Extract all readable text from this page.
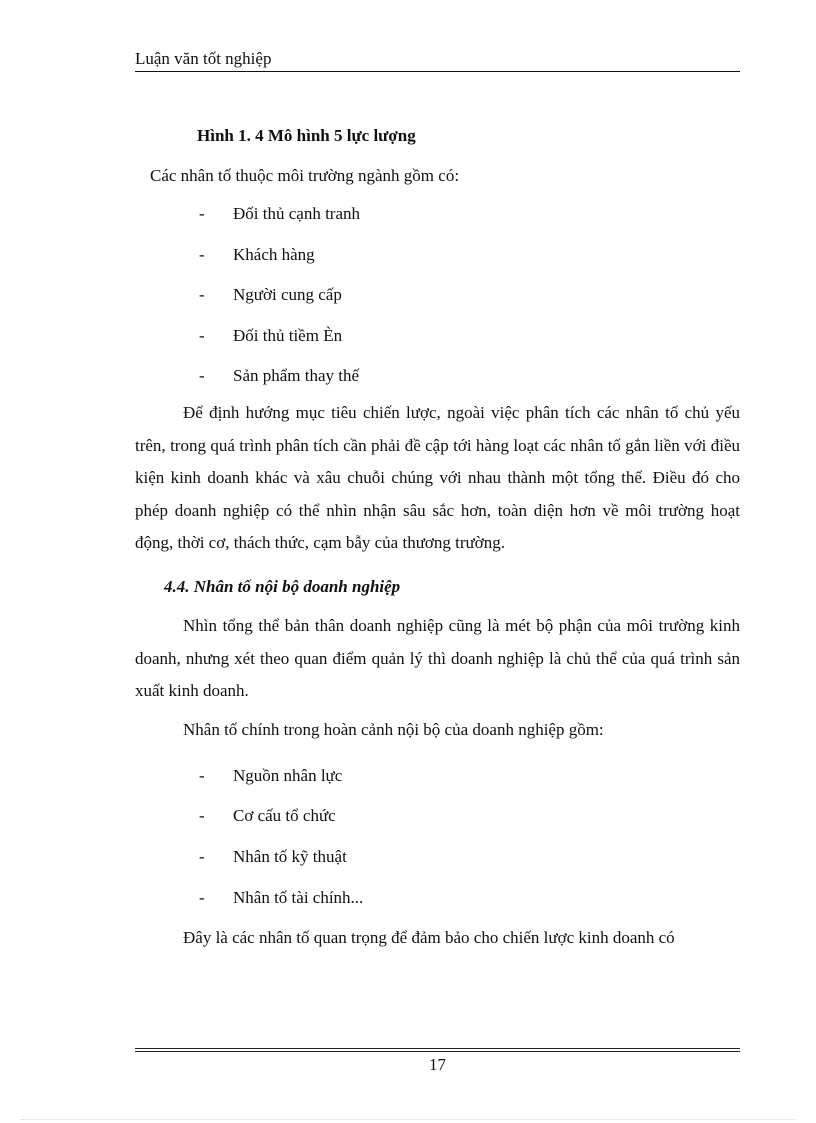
Luận văn tốt nghiệp

Hình 1. 4 Mô hình 5 lực lượng

Các nhân tố thuộc môi trường ngành gồm có:

- Đối thủ cạnh tranh
- Khách hàng
- Người cung cấp
- Đối thủ tiềm Èn
- Sản phẩm thay thế

Để định hướng mục tiêu chiến lược, ngoài việc phân tích các nhân tố chủ yếu trên, trong quá trình phân tích cần phải đề cập tới hàng loạt các nhân tố gắn liền với điều kiện kinh doanh khác và xâu chuỗi chúng với nhau thành một tổng thể. Điều đó cho phép doanh nghiệp có thể nhìn nhận sâu sắc hơn, toàn diện hơn về môi trường hoạt động, thời cơ, thách thức, cạm bẫy của thương trường.

4.4. Nhân tố nội bộ doanh nghiệp

Nhìn tổng thể bản thân doanh nghiệp cũng là mét bộ phận của môi trường kinh doanh, nhưng xét theo quan điểm quản lý thì doanh nghiệp là chủ thể của quá trình sản xuất kinh doanh.

Nhân tố chính trong hoàn cảnh nội bộ của doanh nghiệp gồm:

- Nguồn nhân lực
- Cơ cấu tổ chức
- Nhân tố kỹ thuật
- Nhân tố tài chính...

Đây là các nhân tố quan trọng để đảm bảo cho chiến lược kinh doanh có

17
